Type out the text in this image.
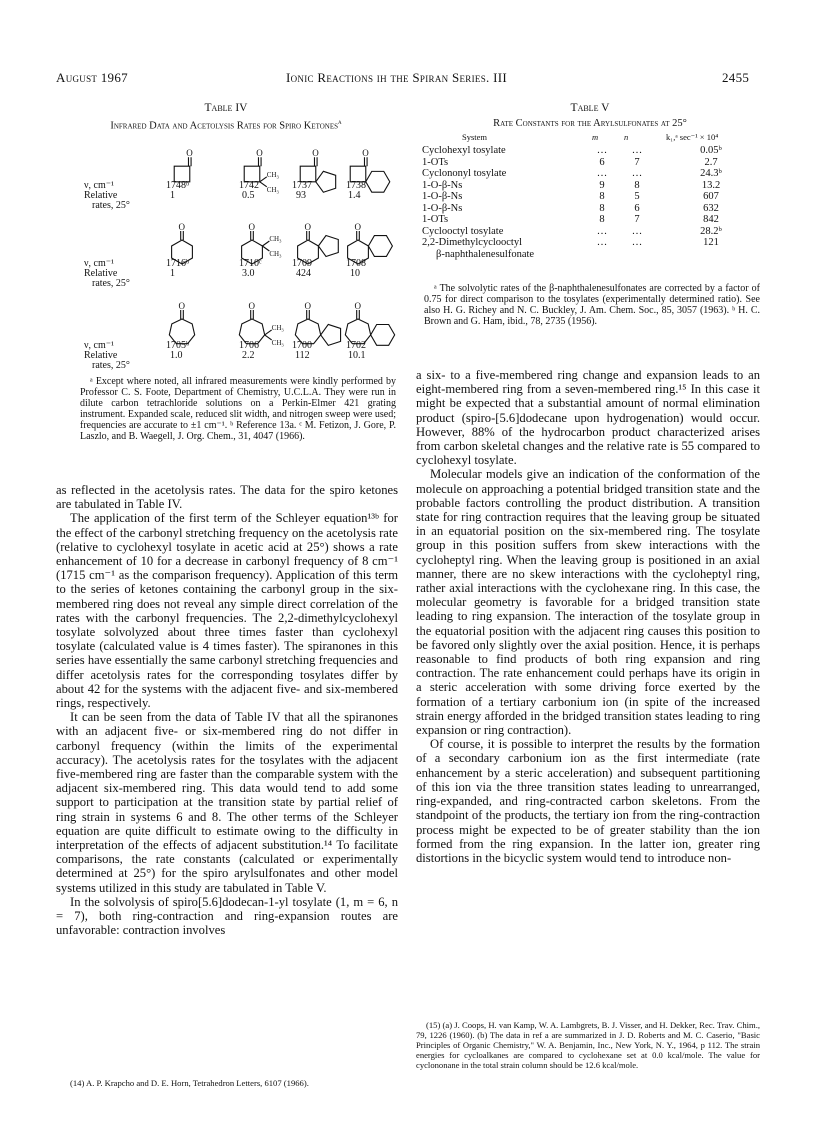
August 1967	Ionic Reactions ih the Spiran Series. III	2455
Table IV
Infrared Data and Acetolysis Rates for Spiro Ketones$^a$
O	O
CH₃
CH₃
O	O
O	O
CH₃
CH₃
O	O
O	O
CH₃
CH₃
O	O
ν, cm⁻¹	1748ᵇ	1742	1737	1738
Relative	1	0.5	93	1.4
rates, 25°
ν, cm⁻¹	1716ᵇ	1710ᶜ	1709	1708
Relative	1	3.0	424	10
rates, 25°
ν, cm⁻¹	1705ᵇ	1706	1700	1702
Relative	1.0	2.2	112	10.1
rates, 25°
ᵃ Except where noted, all infrared measurements were kindly performed by Professor C. S. Foote, Department of Chemistry, U.C.L.A. They were run in dilute carbon tetrachloride solutions on a Perkin-Elmer 421 grating instrument. Expanded scale, reduced slit width, and nitrogen sweep were used; frequencies are accurate to ±1 cm⁻¹. ᵇ Reference 13a. ᶜ M. Fetizon, J. Gore, P. Laszlo, and B. Waegell, J. Org. Chem., 31, 4047 (1966).
Table V
Rate Constants for the Arylsulfonates at 25°
System	m	n	k₁,ᵃ sec⁻¹ × 10⁴
Cyclohexyl tosylate	…	…	0.05ᵇ
1-OTs	6	7	2.7
Cyclononyl tosylate	…	…	24.3ᵇ
1-O-β-Ns	9	8	13.2
1-O-β-Ns	8	5	607
1-O-β-Ns	8	6	632
1-OTs	8	7	842
Cyclooctyl tosylate	…	…	28.2ᵇ
2,2-Dimethylcyclooctyl	…	…	121
β-naphthalenesulfonate			
ᵃ The solvolytic rates of the β-naphthalenesulfonates are corrected by a factor of 0.75 for direct comparison to the tosylates (experimentally determined ratio). See also H. G. Richey and N. C. Buckley, J. Am. Chem. Soc., 85, 3057 (1963). ᵇ H. C. Brown and G. Ham, ibid., 78, 2735 (1956).

as reflected in the acetolysis rates. The data for the spiro ketones are tabulated in Table IV.

The application of the first term of the Schleyer equation¹³ᵇ for the effect of the carbonyl stretching frequency on the acetolysis rate (relative to cyclohexyl tosylate in acetic acid at 25°) shows a rate enhancement of 10 for a decrease in carbonyl frequency of 8 cm⁻¹ (1715 cm⁻¹ as the comparison frequency). Application of this term to the series of ketones containing the carbonyl group in the six-membered ring does not reveal any simple direct correlation of the rates with the carbonyl frequencies. The 2,2-dimethylcyclohexyl tosylate solvolyzed about three times faster than cyclohexyl tosylate (calculated value is 4 times faster). The spiranones in this series have essentially the same carbonyl stretching frequencies and differ acetolysis rates for the corresponding tosylates differ by about 42 for the systems with the adjacent five- and six-membered rings, respectively.

It can be seen from the data of Table IV that all the spiranones with an adjacent five- or six-membered ring do not differ in carbonyl frequency (within the limits of the experimental accuracy). The acetolysis rates for the tosylates with the adjacent five-membered ring are faster than the comparable system with the adjacent six-membered ring. This data would tend to add some support to participation at the transition state by partial relief of ring strain in systems 6 and 8. The other terms of the Schleyer equation are quite difficult to estimate owing to the difficulty in interpretation of the effects of adjacent substitution.¹⁴ To facilitate comparisons, the rate constants (calculated or experimentally determined at 25°) for the spiro arylsulfonates and other model systems utilized in this study are tabulated in Table V.

In the solvolysis of spiro[5.6]dodecan-1-yl tosylate (1, m = 6, n = 7), both ring-contraction and ring-expansion routes are unfavorable: contraction involves

(14) A. P. Krapcho and D. E. Horn, Tetrahedron Letters, 6107 (1966).

a six- to a five-membered ring change and expansion leads to an eight-membered ring from a seven-membered ring.¹⁵ In this case it might be expected that a substantial amount of normal elimination product (spiro-[5.6]dodecane upon hydrogenation) would occur. However, 88% of the hydrocarbon product characterized arises from carbon skeletal changes and the relative rate is 55 compared to cyclohexyl tosylate.

Molecular models give an indication of the conformation of the molecule on approaching a potential bridged transition state and the probable factors controlling the product distribution. A transition state for ring contraction requires that the leaving group be situated in an equatorial position on the six-membered ring. The tosylate group in this position suffers from skew interactions with the cycloheptyl ring. When the leaving group is positioned in an axial manner, there are no skew interactions with the cycloheptyl ring, rather axial interactions with the cyclohexane ring. In this case, the molecular geometry is favorable for a bridged transition state leading to ring expansion. The interaction of the tosylate group in the equatorial position with the adjacent ring causes this position to be favored only slightly over the axial position. Hence, it is perhaps reasonable to find products of both ring expansion and ring contraction. The rate enhancement could perhaps have its origin in a steric acceleration with some driving force exerted by the formation of a tertiary carbonium ion (in spite of the increased strain energy afforded in the bridged transition states leading to ring expansion or ring contraction).

Of course, it is possible to interpret the results by the formation of a secondary carbonium ion as the first intermediate (rate enhancement by a steric acceleration) and subsequent partitioning of this ion via the three transition states leading to unrearranged, ring-expanded, and ring-contracted carbon skeletons. From the standpoint of the products, the tertiary ion from the ring-contraction process might be expected to be of greater stability than the ion formed from the ring expansion. In the latter ion, greater ring distortions in the bicyclic system would tend to introduce non-

(15) (a) J. Coops, H. van Kamp, W. A. Lambgrets, B. J. Visser, and H. Dekker, Rec. Trav. Chim., 79, 1226 (1960). (b) The data in ref a are summarized in J. D. Roberts and M. C. Caserio, "Basic Principles of Organic Chemistry," W. A. Benjamin, Inc., New York, N. Y., 1964, p 112. The strain energies for cycloalkanes are compared to cyclohexane set at 0.0 kcal/mole. The value for cyclononane in the total strain column should be 12.6 kcal/mole.
